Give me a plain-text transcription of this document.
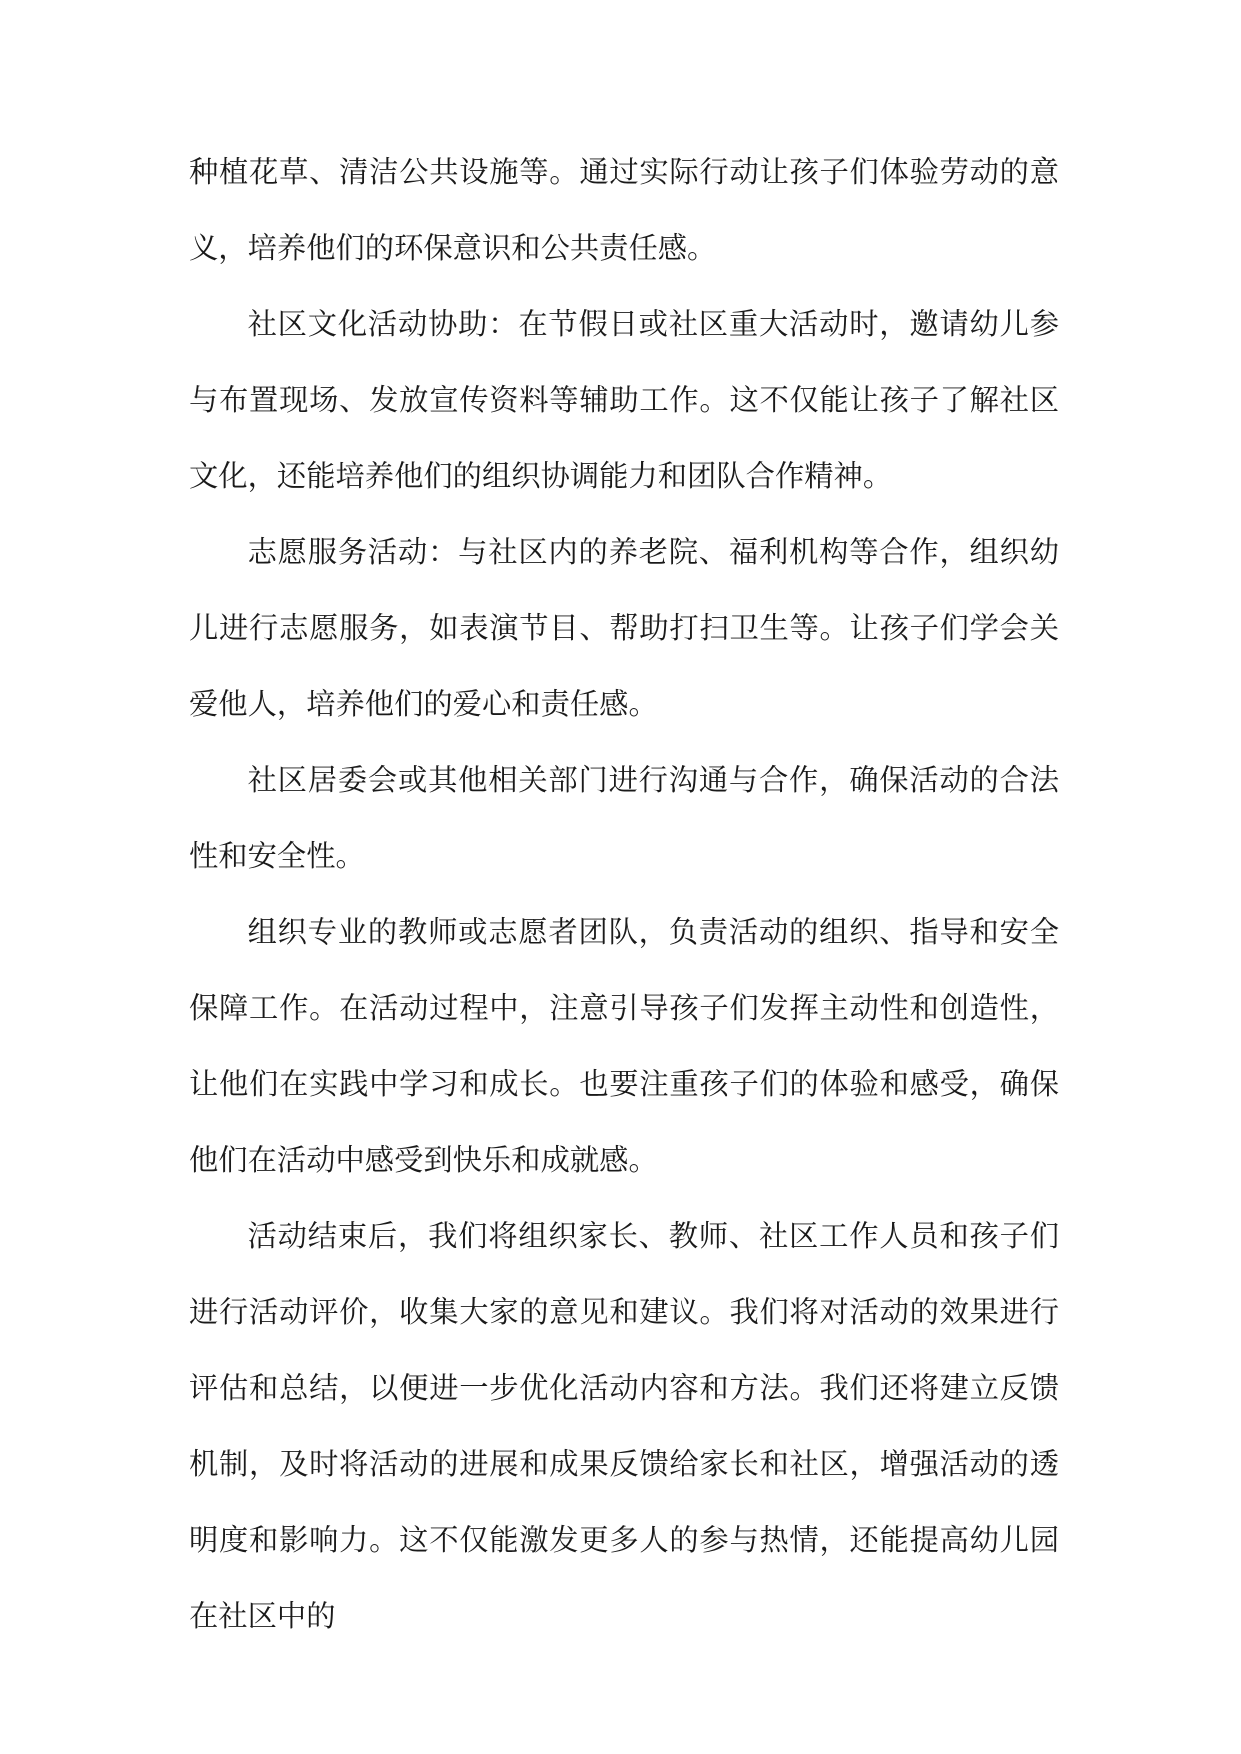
种植花草、清洁公共设施等。通过实际行动让孩子们体验劳动的意义，培养他们的环保意识和公共责任感。

社区文化活动协助：在节假日或社区重大活动时，邀请幼儿参与布置现场、发放宣传资料等辅助工作。这不仅能让孩子了解社区文化，还能培养他们的组织协调能力和团队合作精神。

志愿服务活动：与社区内的养老院、福利机构等合作，组织幼儿进行志愿服务，如表演节目、帮助打扫卫生等。让孩子们学会关爱他人，培养他们的爱心和责任感。

社区居委会或其他相关部门进行沟通与合作，确保活动的合法性和安全性。

组织专业的教师或志愿者团队，负责活动的组织、指导和安全保障工作。在活动过程中，注意引导孩子们发挥主动性和创造性，让他们在实践中学习和成长。也要注重孩子们的体验和感受，确保他们在活动中感受到快乐和成就感。

活动结束后，我们将组织家长、教师、社区工作人员和孩子们进行活动评价，收集大家的意见和建议。我们将对活动的效果进行评估和总结，以便进一步优化活动内容和方法。我们还将建立反馈机制，及时将活动的进展和成果反馈给家长和社区，增强活动的透明度和影响力。这不仅能激发更多人的参与热情，还能提高幼儿园在社区中的
